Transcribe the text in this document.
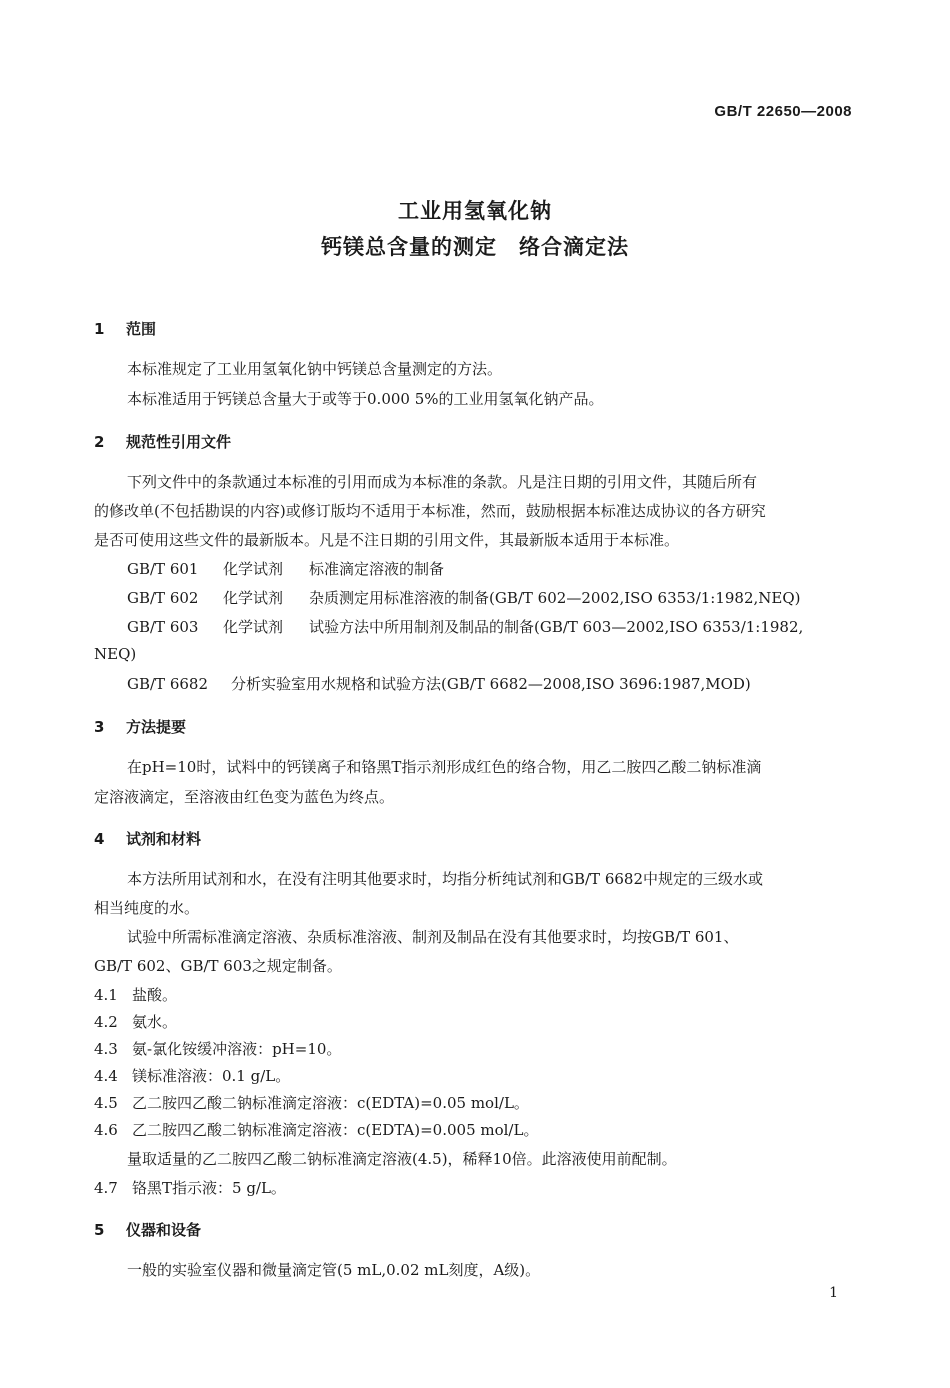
GB/T 22650—2008
工业用氢氧化钠
钙镁总含量的测定　络合滴定法
1 范围
本标准规定了工业用氢氧化钠中钙镁总含量测定的方法。
本标准适用于钙镁总含量大于或等于0.000 5%的工业用氢氧化钠产品。
2 规范性引用文件
下列文件中的条款通过本标准的引用而成为本标准的条款。凡是注日期的引用文件，其随后所有
的修改单(不包括勘误的内容)或修订版均不适用于本标准，然而，鼓励根据本标准达成协议的各方研究
是否可使用这些文件的最新版本。凡是不注日期的引用文件，其最新版本适用于本标准。
GB/T 601 化学试剂 标准滴定溶液的制备
GB/T 602 化学试剂 杂质测定用标准溶液的制备(GB/T 602—2002,ISO 6353/1:1982,NEQ)
GB/T 603 化学试剂 试验方法中所用制剂及制品的制备(GB/T 603—2002,ISO 6353/1:1982,
NEQ)
GB/T 6682 分析实验室用水规格和试验方法(GB/T 6682—2008,ISO 3696:1987,MOD)
3 方法提要
在pH=10时，试料中的钙镁离子和铬黑T指示剂形成红色的络合物，用乙二胺四乙酸二钠标准滴
定溶液滴定，至溶液由红色变为蓝色为终点。
4 试剂和材料
本方法所用试剂和水，在没有注明其他要求时，均指分析纯试剂和GB/T 6682中规定的三级水或
相当纯度的水。
试验中所需标准滴定溶液、杂质标准溶液、制剂及制品在没有其他要求时，均按GB/T 601、
GB/T 602、GB/T 603之规定制备。
4.1 盐酸。
4.2 氨水。
4.3 氨-氯化铵缓冲溶液：pH=10。
4.4 镁标准溶液：0.1 g/L。
4.5 乙二胺四乙酸二钠标准滴定溶液：c(EDTA)=0.05 mol/L。
4.6 乙二胺四乙酸二钠标准滴定溶液：c(EDTA)=0.005 mol/L。
量取适量的乙二胺四乙酸二钠标准滴定溶液(4.5)，稀释10倍。此溶液使用前配制。
4.7 铬黑T指示液：5 g/L。
5 仪器和设备
一般的实验室仪器和微量滴定管(5 mL,0.02 mL刻度，A级)。
1
